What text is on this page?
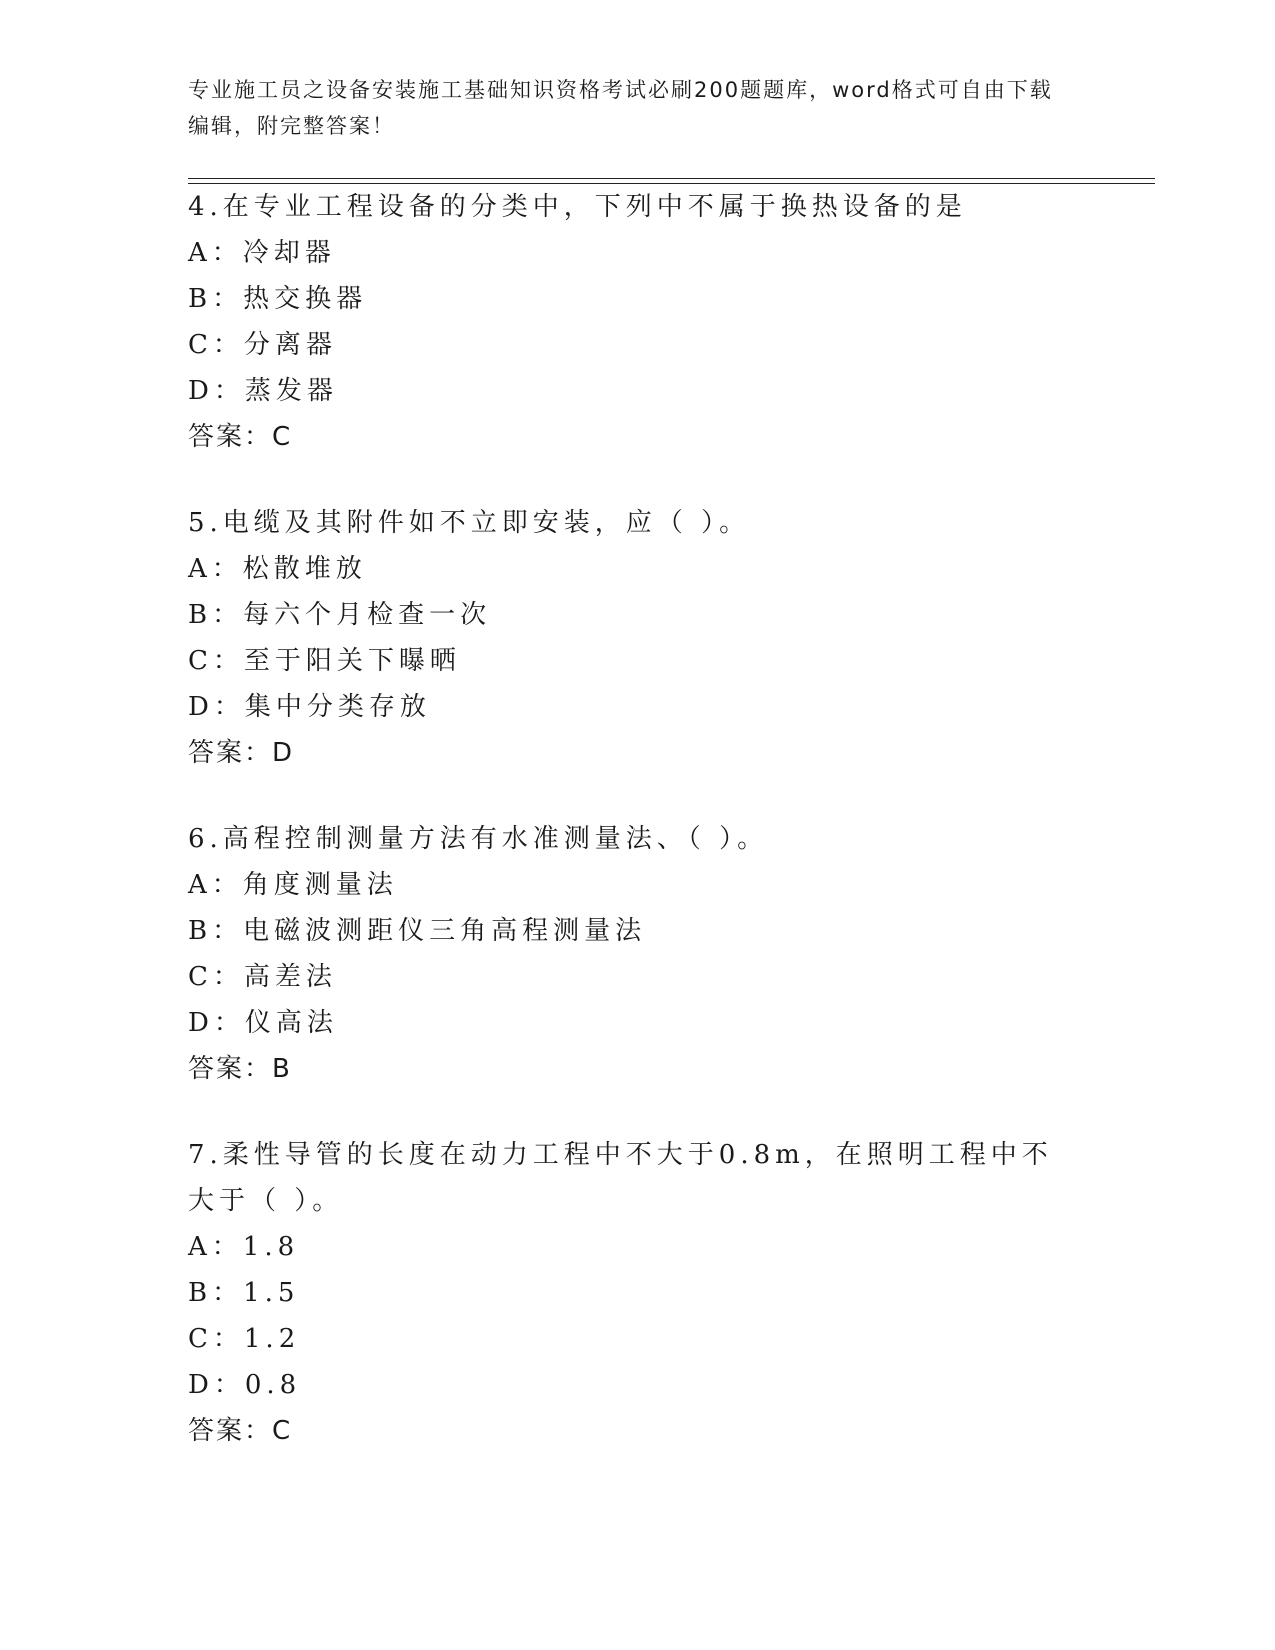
专业施工员之设备安装施工基础知识资格考试必刷200题题库，word格式可自由下载编辑，附完整答案！
4.在专业工程设备的分类中，下列中不属于换热设备的是
A：冷却器
B：热交换器
C：分离器
D：蒸发器
答案：C
5.电缆及其附件如不立即安装，应（ ）。
A：松散堆放
B：每六个月检查一次
C：至于阳关下曝晒
D：集中分类存放
答案：D
6.高程控制测量方法有水准测量法、（ ）。
A：角度测量法
B：电磁波测距仪三角高程测量法
C：高差法
D：仪高法
答案：B
7.柔性导管的长度在动力工程中不大于0.8m，在照明工程中不大于（ ）。
A：1.8
B：1.5
C：1.2
D：0.8
答案：C
